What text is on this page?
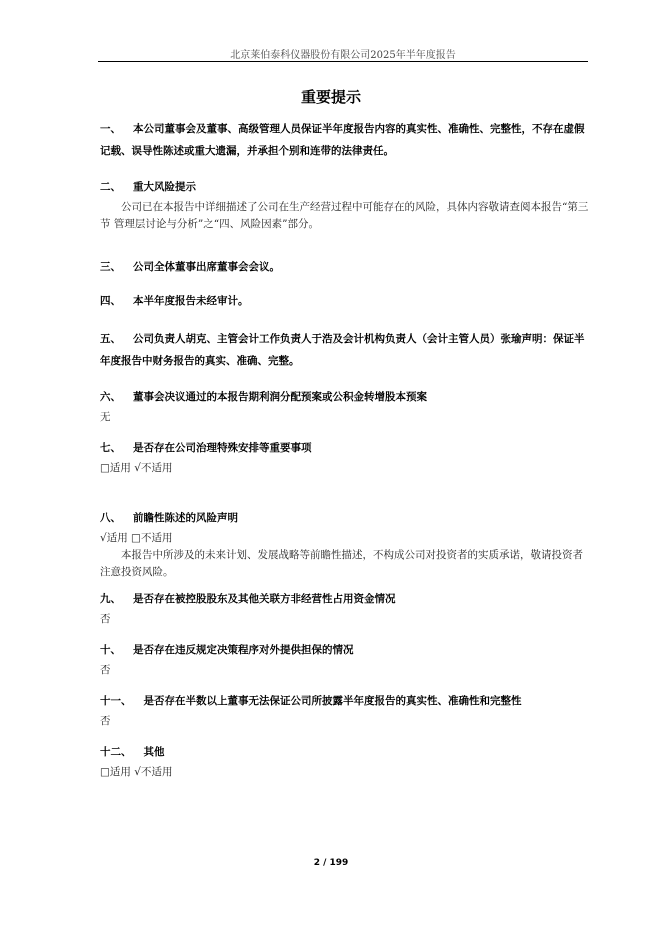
北京莱伯泰科仪器股份有限公司2025年半年度报告
重要提示

一、 本公司董事会及董事、高级管理人员保证半年度报告内容的真实性、准确性、完整性，不存在虚假记载、误导性陈述或重大遗漏，并承担个别和连带的法律责任。

二、 重大风险提示

公司已在本报告中详细描述了公司在生产经营过程中可能存在的风险，具体内容敬请查阅本报告“第三节 管理层讨论与分析”之“四、风险因素”部分。

三、 公司全体董事出席董事会会议。

四、 本半年度报告未经审计。

五、 公司负责人胡克、主管会计工作负责人于浩及会计机构负责人（会计主管人员）张瑜声明：保证半年度报告中财务报告的真实、准确、完整。

六、 董事会决议通过的本报告期利润分配预案或公积金转增股本预案

无

七、 是否存在公司治理特殊安排等重要事项

□适用 √不适用

八、 前瞻性陈述的风险声明

√适用 □不适用

本报告中所涉及的未来计划、发展战略等前瞻性描述，不构成公司对投资者的实质承诺，敬请投资者注意投资风险。

九、 是否存在被控股股东及其他关联方非经营性占用资金情况

否

十、 是否存在违反规定决策程序对外提供担保的情况

否

十一、 是否存在半数以上董事无法保证公司所披露半年度报告的真实性、准确性和完整性

否

十二、 其他

□适用 √不适用

2 / 199
